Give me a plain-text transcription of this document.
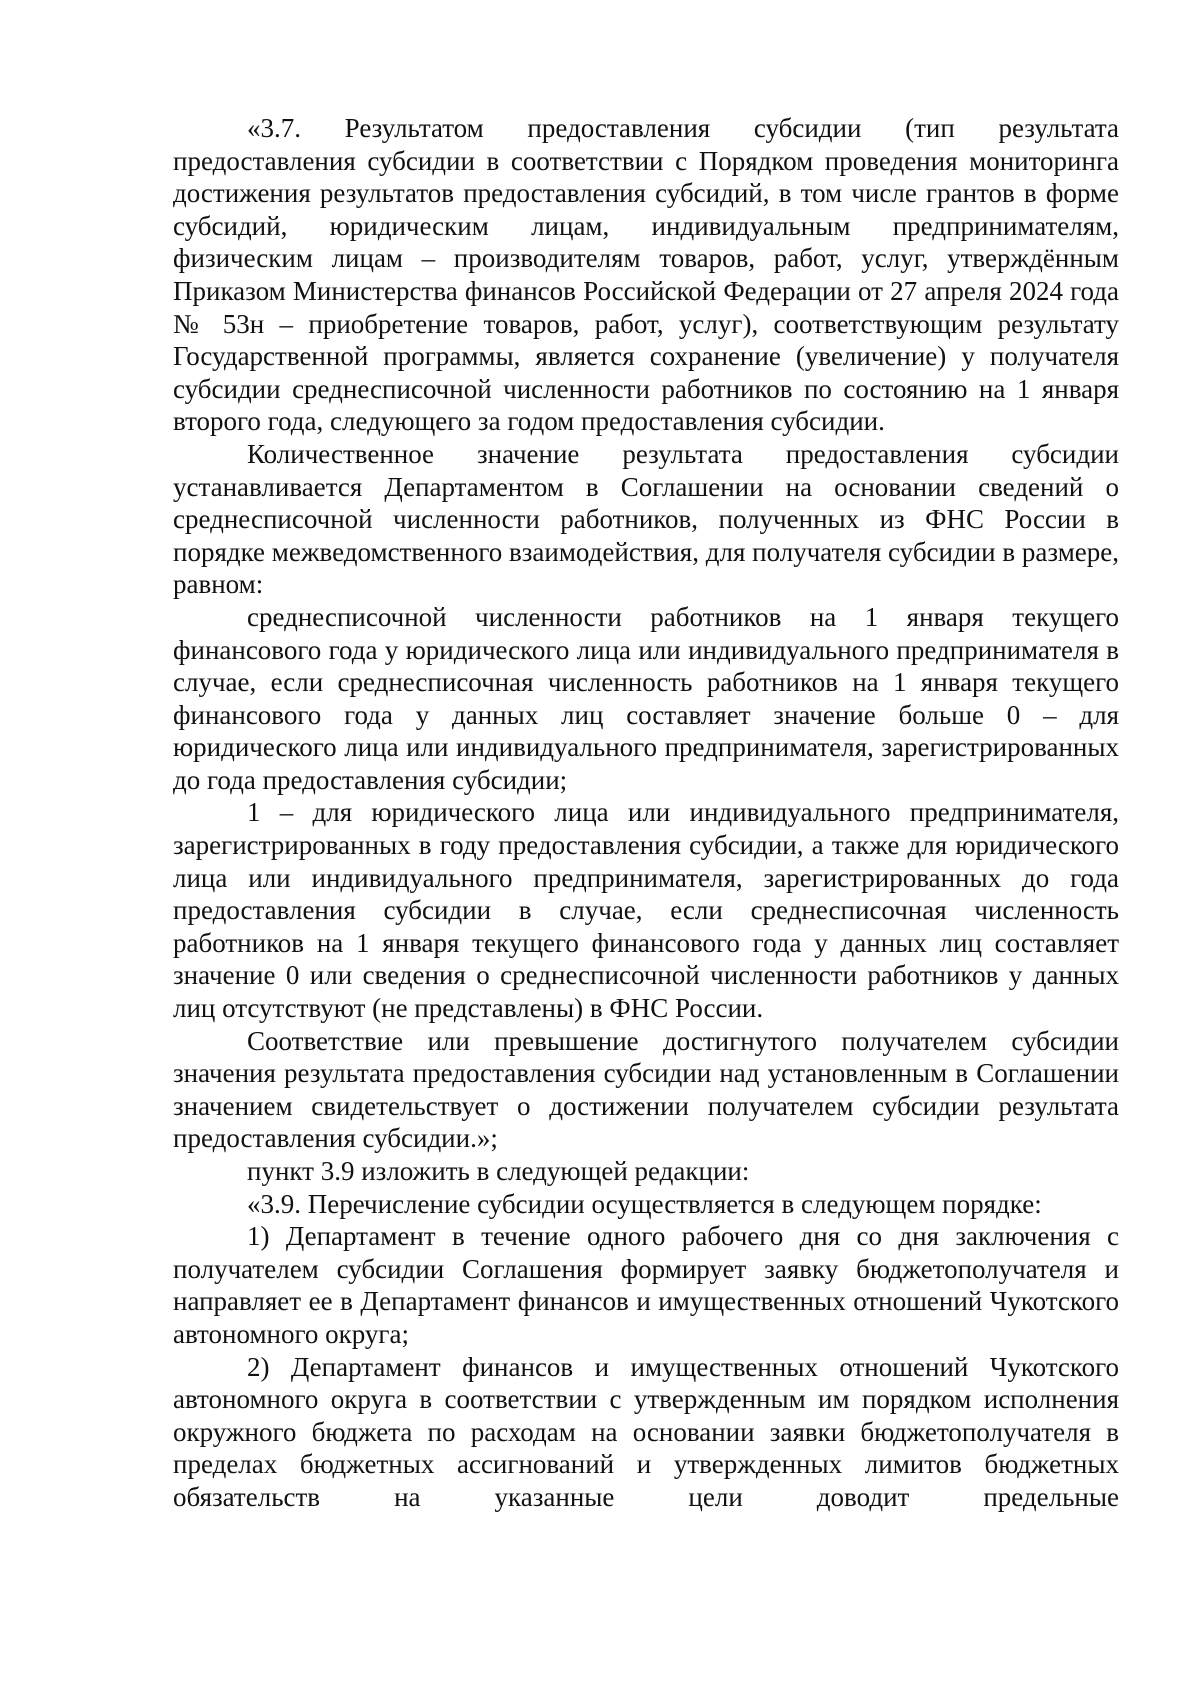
«3.7. Результатом предоставления субсидии (тип результата предоставления субсидии в соответствии с Порядком проведения мониторинга достижения результатов предоставления субсидий, в том числе грантов в форме субсидий, юридическим лицам, индивидуальным предпринимателям, физическим лицам – производителям товаров, работ, услуг, утверждённым Приказом Министерства финансов Российской Федерации от 27 апреля 2024 года № 53н – приобретение товаров, работ, услуг), соответствующим результату Государственной программы, является сохранение (увеличение) у получателя субсидии среднесписочной численности работников по состоянию на 1 января второго года, следующего за годом предоставления субсидии.

Количественное значение результата предоставления субсидии устанавливается Департаментом в Соглашении на основании сведений о среднесписочной численности работников, полученных из ФНС России в порядке межведомственного взаимодействия, для получателя субсидии в размере, равном:

среднесписочной численности работников на 1 января текущего финансового года у юридического лица или индивидуального предпринимателя в случае, если среднесписочная численность работников на 1 января текущего финансового года у данных лиц составляет значение больше 0 – для юридического лица или индивидуального предпринимателя, зарегистрированных до года предоставления субсидии;

1 – для юридического лица или индивидуального предпринимателя, зарегистрированных в году предоставления субсидии, а также для юридического лица или индивидуального предпринимателя, зарегистрированных до года предоставления субсидии в случае, если среднесписочная численность работников на 1 января текущего финансового года у данных лиц составляет значение 0 или сведения о среднесписочной численности работников у данных лиц отсутствуют (не представлены) в ФНС России.

Соответствие или превышение достигнутого получателем субсидии значения результата предоставления субсидии над установленным в Соглашении значением свидетельствует о достижении получателем субсидии результата предоставления субсидии.»;

пункт 3.9 изложить в следующей редакции:

«3.9. Перечисление субсидии осуществляется в следующем порядке:

1) Департамент в течение одного рабочего дня со дня заключения с получателем субсидии Соглашения формирует заявку бюджетополучателя и направляет ее в Департамент финансов и имущественных отношений Чукотского автономного округа;

2) Департамент финансов и имущественных отношений Чукотского автономного округа в соответствии с утвержденным им порядком исполнения окружного бюджета по расходам на основании заявки бюджетополучателя в пределах бюджетных ассигнований и утвержденных лимитов бюджетных обязательств на указанные цели доводит предельные
